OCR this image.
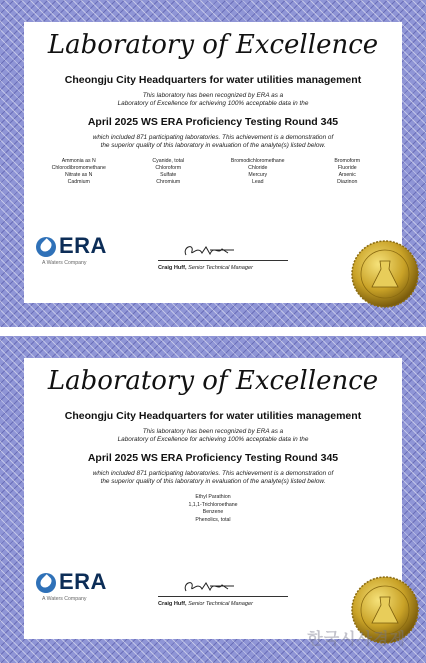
Laboratory of Excellence
Cheongju City Headquarters for water utilities management
This laboratory has been recognized by ERA as a
Laboratory of Excellence for achieving 100% acceptable data in the
April 2025 WS ERA Proficiency Testing Round 345
which included 871 participating laboratories. This achievement is a demonstration of
the superior quality of this laboratory in evaluation of the analyte(s) listed below.
Ammonia as N	Cyanide, total	Bromodichloromethane	Bromoform
Chlorodibromomethane	Chloroform	Chloride	Fluoride
Nitrate as N	Sulfate	Mercury	Arsenic
Cadmium	Chromium	Lead	Diazinon
ERA
A Waters Company
Craig Huff, Senior Technical Manager
Laboratory of Excellence
Cheongju City Headquarters for water utilities management
This laboratory has been recognized by ERA as a
Laboratory of Excellence for achieving 100% acceptable data in the
April 2025 WS ERA Proficiency Testing Round 345
which included 871 participating laboratories. This achievement is a demonstration of
the superior quality of this laboratory in evaluation of the analyte(s) listed below.
Ethyl Parathion
1,1,1-Trichloroethane
Benzene
Phenolics, total
ERA
A Waters Company
Craig Huff, Senior Technical Manager
한국시사경제
